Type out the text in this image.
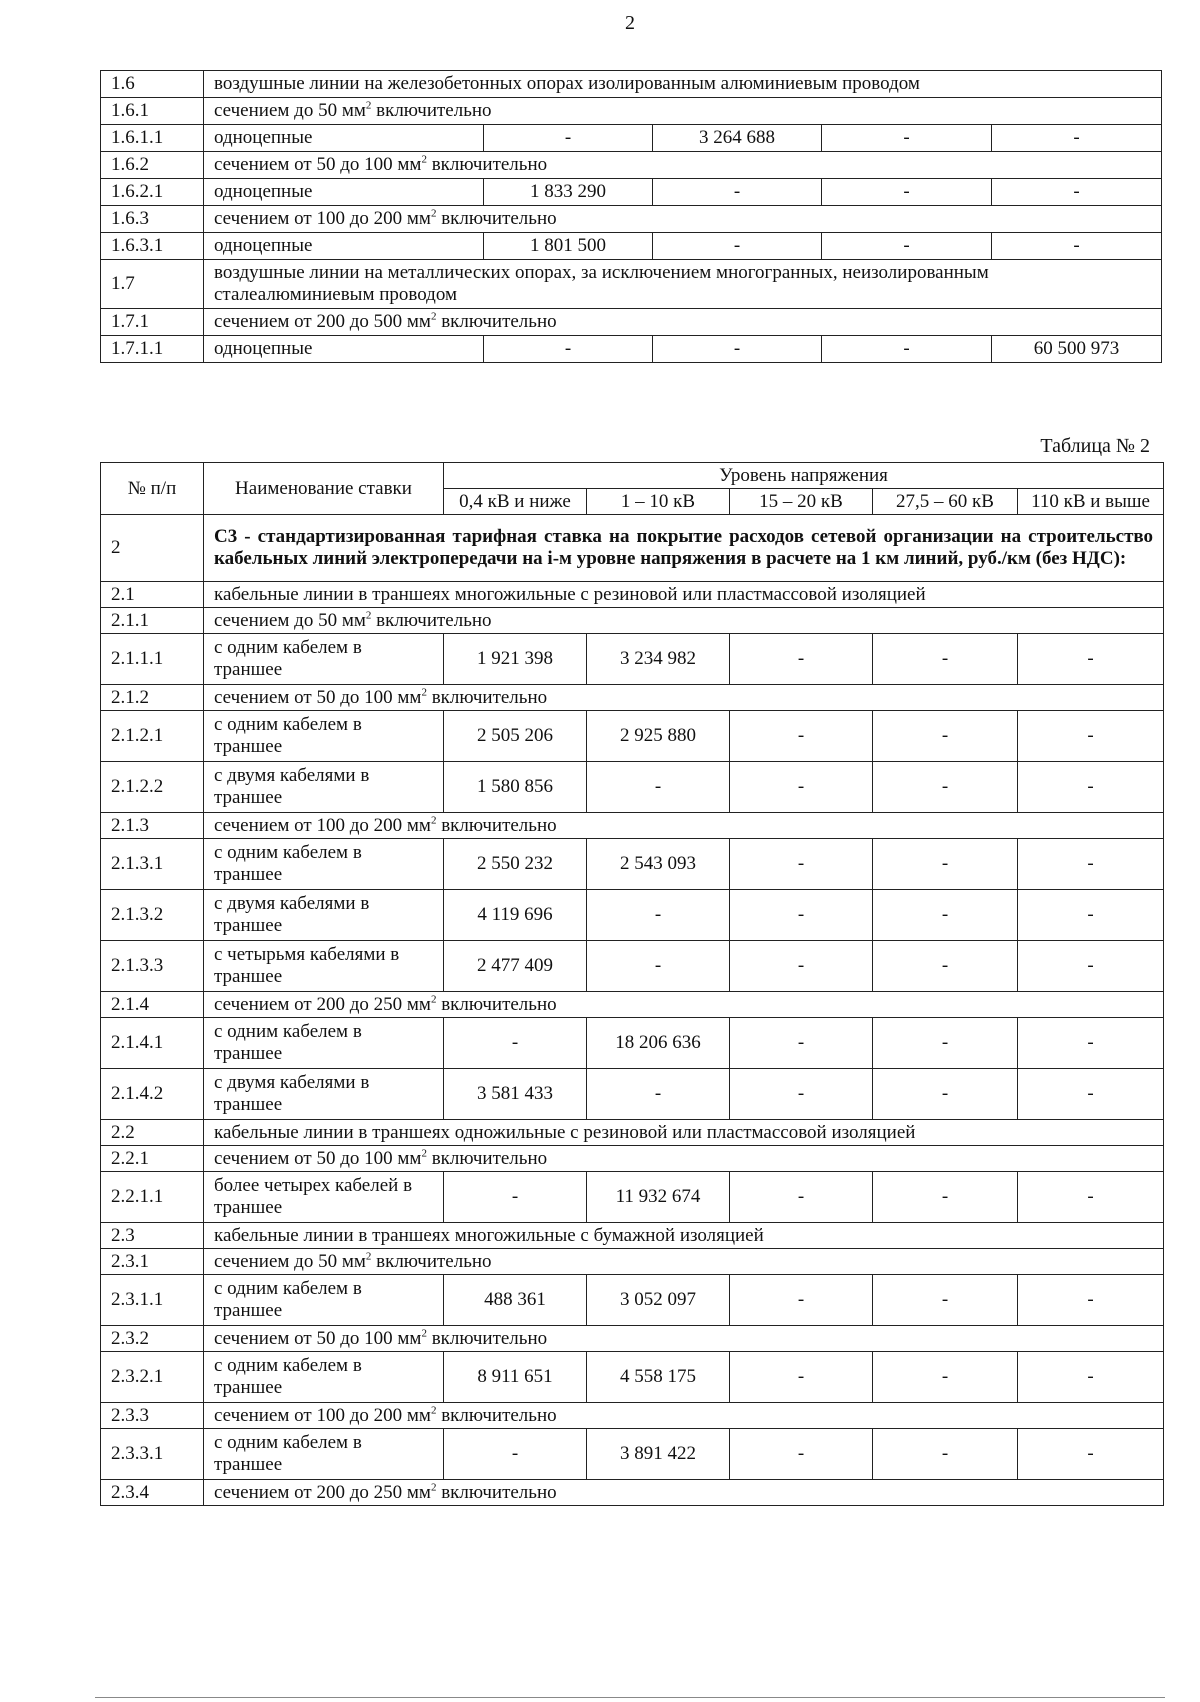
2
1.6	воздушные линии на железобетонных опорах изолированным алюминиевым проводом				
1.6.1	сечением до 50 $мм^2$ включительно				
1.6.1.1	одноцепные	-	3 264 688	-	-
1.6.2	сечением от 50 до 100 $мм^2$ включительно				
1.6.2.1	одноцепные	1 833 290	-	-	-
1.6.3	сечением от 100 до 200 $мм^2$ включительно				
1.6.3.1	одноцепные	1 801 500	-	-	-
1.7	воздушные линии на металлических опорах, за исключением многогранных, неизолированным сталеалюминиевым проводом				
1.7.1	сечением от 200 до 500 $мм^2$ включительно				
1.7.1.1	одноцепные	-	-	-	60 500 973
Таблица № 2
№ п/п	Наименование ставки	Уровень напряжения				
		0,4 кВ и ниже	1 – 10 кВ	15 – 20 кВ	27,5 – 60 кВ	110 кВ и выше
2	С3 - стандартизированная тарифная ставка на покрытие расходов сетевой организации на строительство кабельных линий электропередачи на i-м уровне напряжения в расчете на 1 км линий, руб./км (без НДС):					
2.1	кабельные линии в траншеях многожильные с резиновой или пластмассовой изоляцией					
2.1.1	сечением до 50 $мм^2$ включительно					
2.1.1.1	с одним кабелем в траншее	1 921 398	3 234 982	-	-	-
2.1.2	сечением от 50 до 100 $мм^2$ включительно					
2.1.2.1	с одним кабелем в траншее	2 505 206	2 925 880	-	-	-
2.1.2.2	с двумя кабелями в траншее	1 580 856	-	-	-	-
2.1.3	сечением от 100 до 200 $мм^2$ включительно					
2.1.3.1	с одним кабелем в траншее	2 550 232	2 543 093	-	-	-
2.1.3.2	с двумя кабелями в траншее	4 119 696	-	-	-	-
2.1.3.3	с четырьмя кабелями в траншее	2 477 409	-	-	-	-
2.1.4	сечением от 200 до 250 $мм^2$ включительно					
2.1.4.1	с одним кабелем в траншее	-	18 206 636	-	-	-
2.1.4.2	с двумя кабелями в траншее	3 581 433	-	-	-	-
2.2	кабельные линии в траншеях одножильные с резиновой или пластмассовой изоляцией					
2.2.1	сечением от 50 до 100 $мм^2$ включительно					
2.2.1.1	более четырех кабелей в траншее	-	11 932 674	-	-	-
2.3	кабельные линии в траншеях многожильные с бумажной изоляцией					
2.3.1	сечением до 50 $мм^2$ включительно					
2.3.1.1	с одним кабелем в траншее	488 361	3 052 097	-	-	-
2.3.2	сечением от 50 до 100 $мм^2$ включительно					
2.3.2.1	с одним кабелем в траншее	8 911 651	4 558 175	-	-	-
2.3.3	сечением от 100 до 200 $мм^2$ включительно					
2.3.3.1	с одним кабелем в траншее	-	3 891 422	-	-	-
2.3.4	сечением от 200 до 250 $мм^2$ включительно					
